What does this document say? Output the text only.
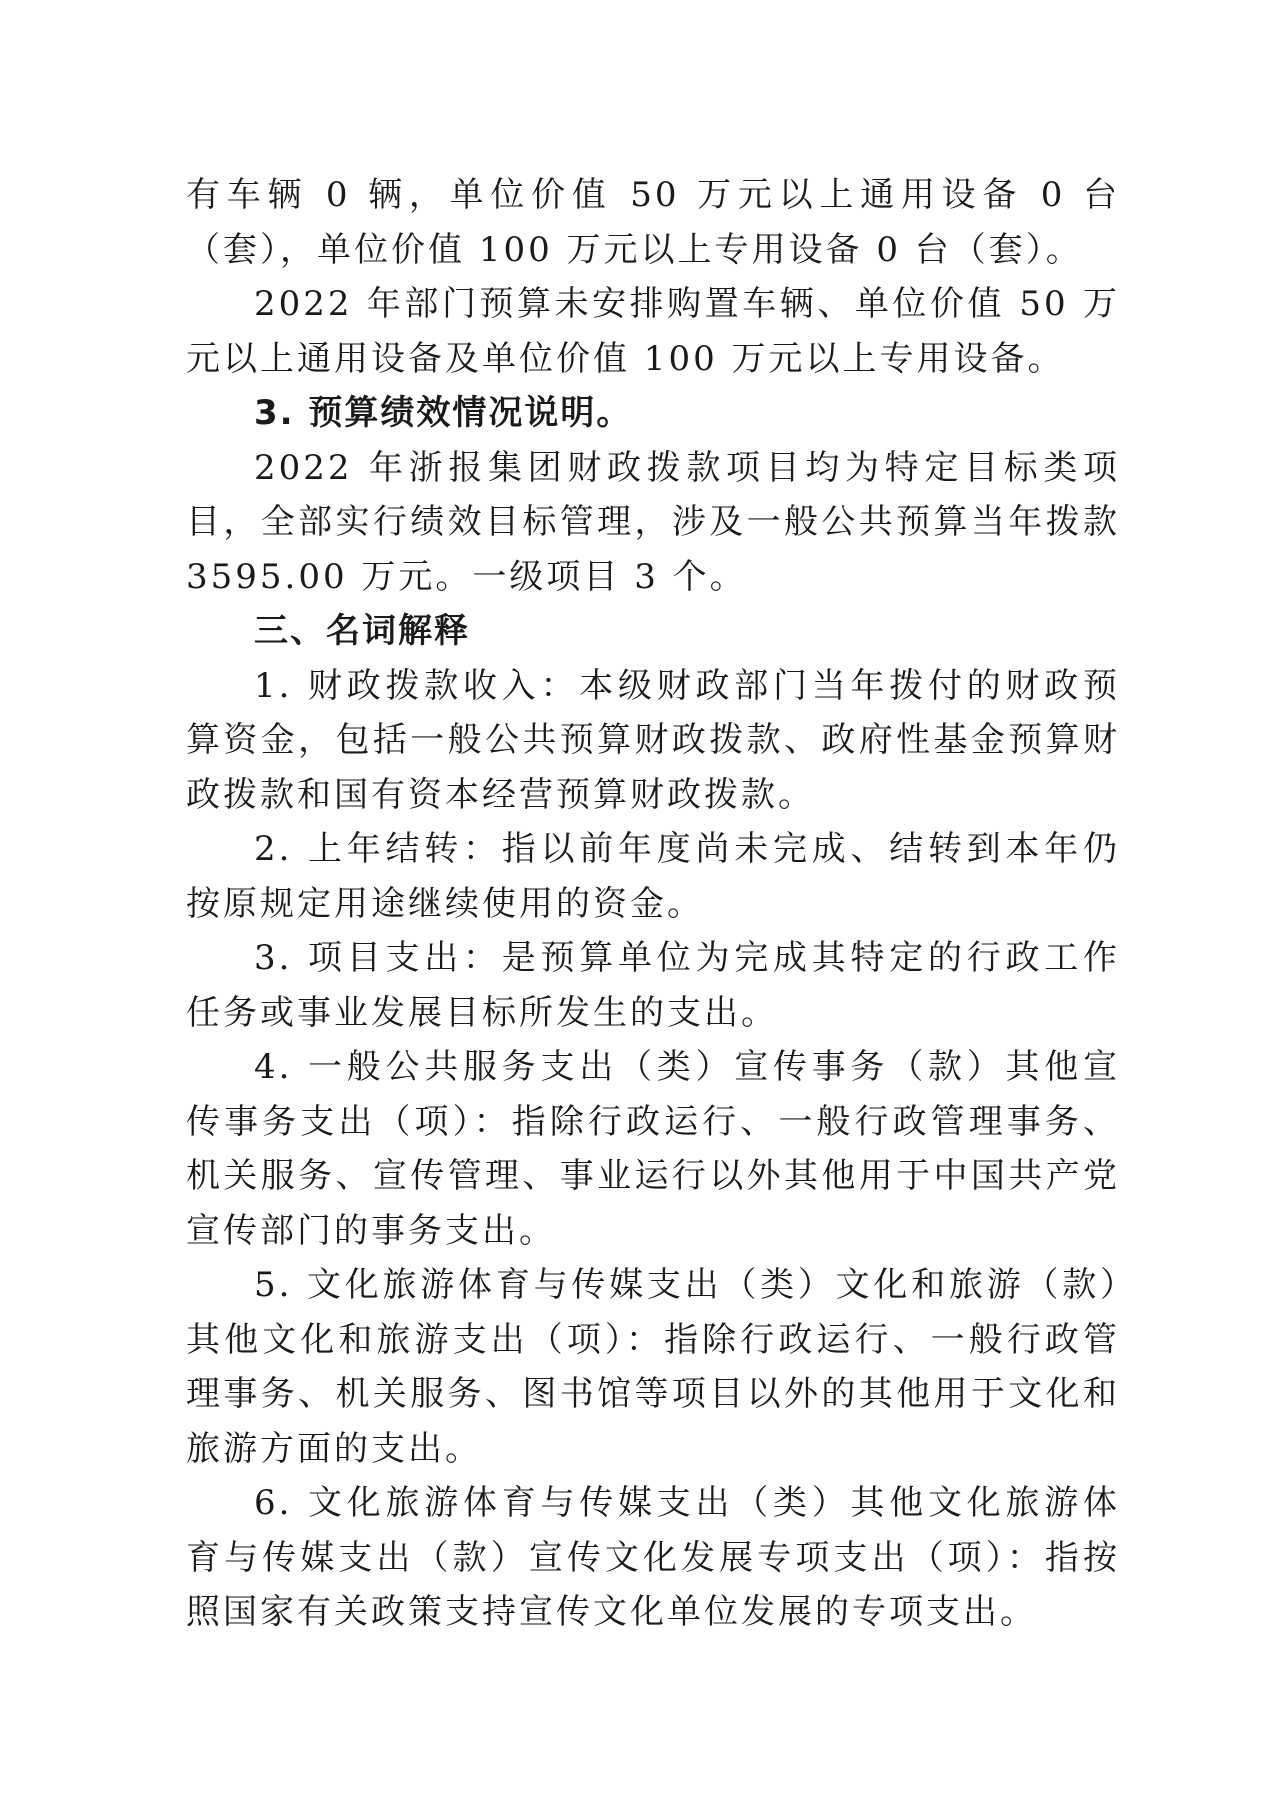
有车辆 0 辆，单位价值 50 万元以上通用设备 0 台（套），单位价值 100 万元以上专用设备 0 台（套）。

2022 年部门预算未安排购置车辆、单位价值 50 万元以上通用设备及单位价值 100 万元以上专用设备。

3. 预算绩效情况说明。

2022 年浙报集团财政拨款项目均为特定目标类项目，全部实行绩效目标管理，涉及一般公共预算当年拨款 3595.00 万元。一级项目 3 个。

三、名词解释

1. 财政拨款收入：本级财政部门当年拨付的财政预算资金，包括一般公共预算财政拨款、政府性基金预算财政拨款和国有资本经营预算财政拨款。

2. 上年结转：指以前年度尚未完成、结转到本年仍按原规定用途继续使用的资金。

3. 项目支出：是预算单位为完成其特定的行政工作任务或事业发展目标所发生的支出。

4. 一般公共服务支出（类）宣传事务（款）其他宣传事务支出（项）：指除行政运行、一般行政管理事务、机关服务、宣传管理、事业运行以外其他用于中国共产党宣传部门的事务支出。

5. 文化旅游体育与传媒支出（类）文化和旅游（款）其他文化和旅游支出（项）：指除行政运行、一般行政管理事务、机关服务、图书馆等项目以外的其他用于文化和旅游方面的支出。

6. 文化旅游体育与传媒支出（类）其他文化旅游体育与传媒支出（款）宣传文化发展专项支出（项）：指按照国家有关政策支持宣传文化单位发展的专项支出。
